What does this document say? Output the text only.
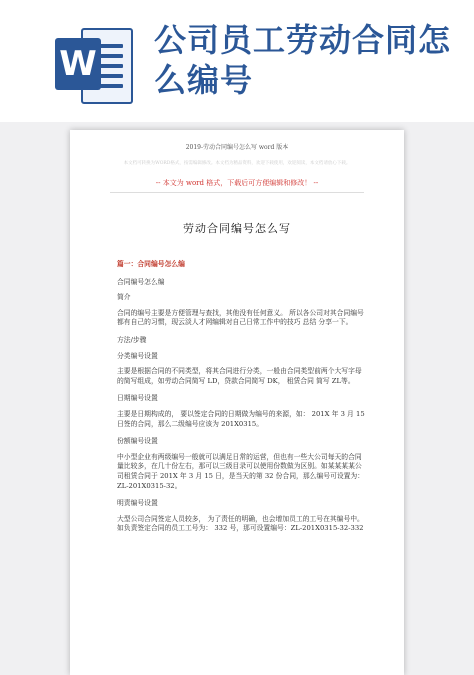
W
公司员工劳动合同怎么编号
2019-劳动合同编号怎么写 word 版本
本文档可转换为WORD格式，按需编辑修改。本文档为精品资料，欢迎下载使用，欢迎阅读，本文档请放心下载。
-- 本文为 word 格式，下载后可方便编辑和修改！ --
劳动合同编号怎么写

篇一：合同编号怎么编

合同编号怎么编

简介

合同的编号主要是方便管理与查找，其他没有任何意义。 所以各公司对其合同编号都有自己的习惯，现云淡人才网编辑对自己日常工作中的技巧 总结 分享一下。

方法/步骤

分类编号设置

主要是根据合同的不同类型，将其合同进行分类，一般由合同类型前两个大写字母的简写组成，如劳动合同简写 LD，贷款合同简写 DK， 租赁合同 简写 ZL等。

日期编号设置

主要是日期构成的， 要以签定合同的日期做为编号的来源，如： 201X 年 3 月 15 日签的合同，那么二级编号应该为 201X0315。

份额编号设置

中小型企业有两级编号一般就可以满足日常的运营，但也有一些大公司每天的合同量比较多，在几十份左右，那可以三级目录可以使用份数做为区别。如某某某某公司租赁合同于 201X 年 3 月 15 日，是当天的第 32 份合同，那么编号可设置为：ZL-201X0315-32。

明责编号设置

大型公司合同签定人员较多， 为了责任的明确，也会增加员工的工号在其编号中。如负责签定合同的员工工号为： 332 号，那可设置编号：ZL-201X0315-32-332
